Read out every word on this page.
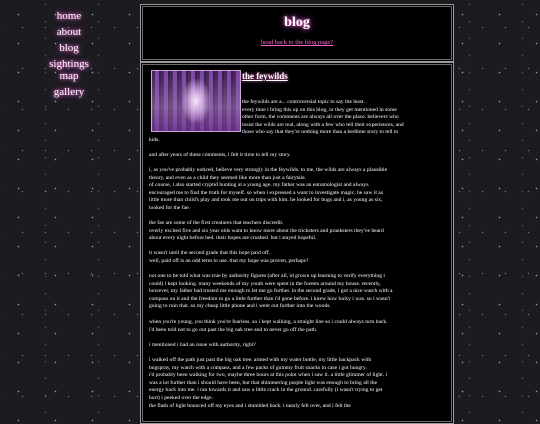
home
about
blog
sightings
map
gallery
blog
head back to the blog page?
the feywilds
the feywilds are a... controversial topic to say the least.
every time i bring this up on this blog, or they get mentioned in some
other form, the comments are always all over the place. believers who
insist the wilds are real, along with a few who tell their experiences, and
those who say that they're nothing more than a bedtime story to tell to
kids.
and after years of these comments, i felt it time to tell my story.
i, as you've probably noticed, believe very strongly in the feywilds. to me, the wilds are always a plausible
theory, and even as a child they seemed like more than just a fairytale.
of course, i also started cryptid hunting at a young age. my father was an entomologist and always
encouraged me to find the truth for myself. so when i expressed a want to investigate magic, he saw it as
little more than child's play and took me out on trips with him. he looked for bugs and i, as young as six,
looked for the fae.
the fae are some of the first creatures that teachers discredit.
overly excited five and six year olds want to know more about the tricksters and pranksters they've heard
about every night before bed. their hopes are crushed. but i stayed hopeful.
it wasn't until the second grade that this hope paid off.
well, paid off is an odd term to use. that my hope was proven, perhaps?
not one to be told what was true by authority figures (after all, id grown up learning to verify everything i
could) i kept looking. many weekends of my youth were spent in the forests around my house. recently,
however, my father had trusted me enough to let me go further. in the second grade, i got a nice watch with a
compass on it and the freedom to go a little further than i'd gone before. i knew how lucky i was. so i wasn't
going to ruin that. so my cheap little phone and i went out further into the woods.
when you're young, you think you're fearless. so i kept walking, a straight line so i could always turn back.
i'd been told not to go out past the big oak tree and to never go off the path.
i mentioned i had an issue with authority, right?
i walked off the path just past the big oak tree. armed with my water bottle, my little backpack with
bugspray, my watch with a compass, and a few packs of gummy fruit snacks in case i got hungry.
i'd probably been walking for two, maybe three hours at this point when i saw it. a little glimmer of light. i
was a lot further than i should have been, but that shimmering purple light was enough to bring all the
energy back into me. i ran towards it and saw a little crack in the ground. carefully (i wasn't trying to get
hurt) i peeked over the edge.
the flash of light bounced off my eyes and i stumbled back. i nearly fell over, and i felt the
